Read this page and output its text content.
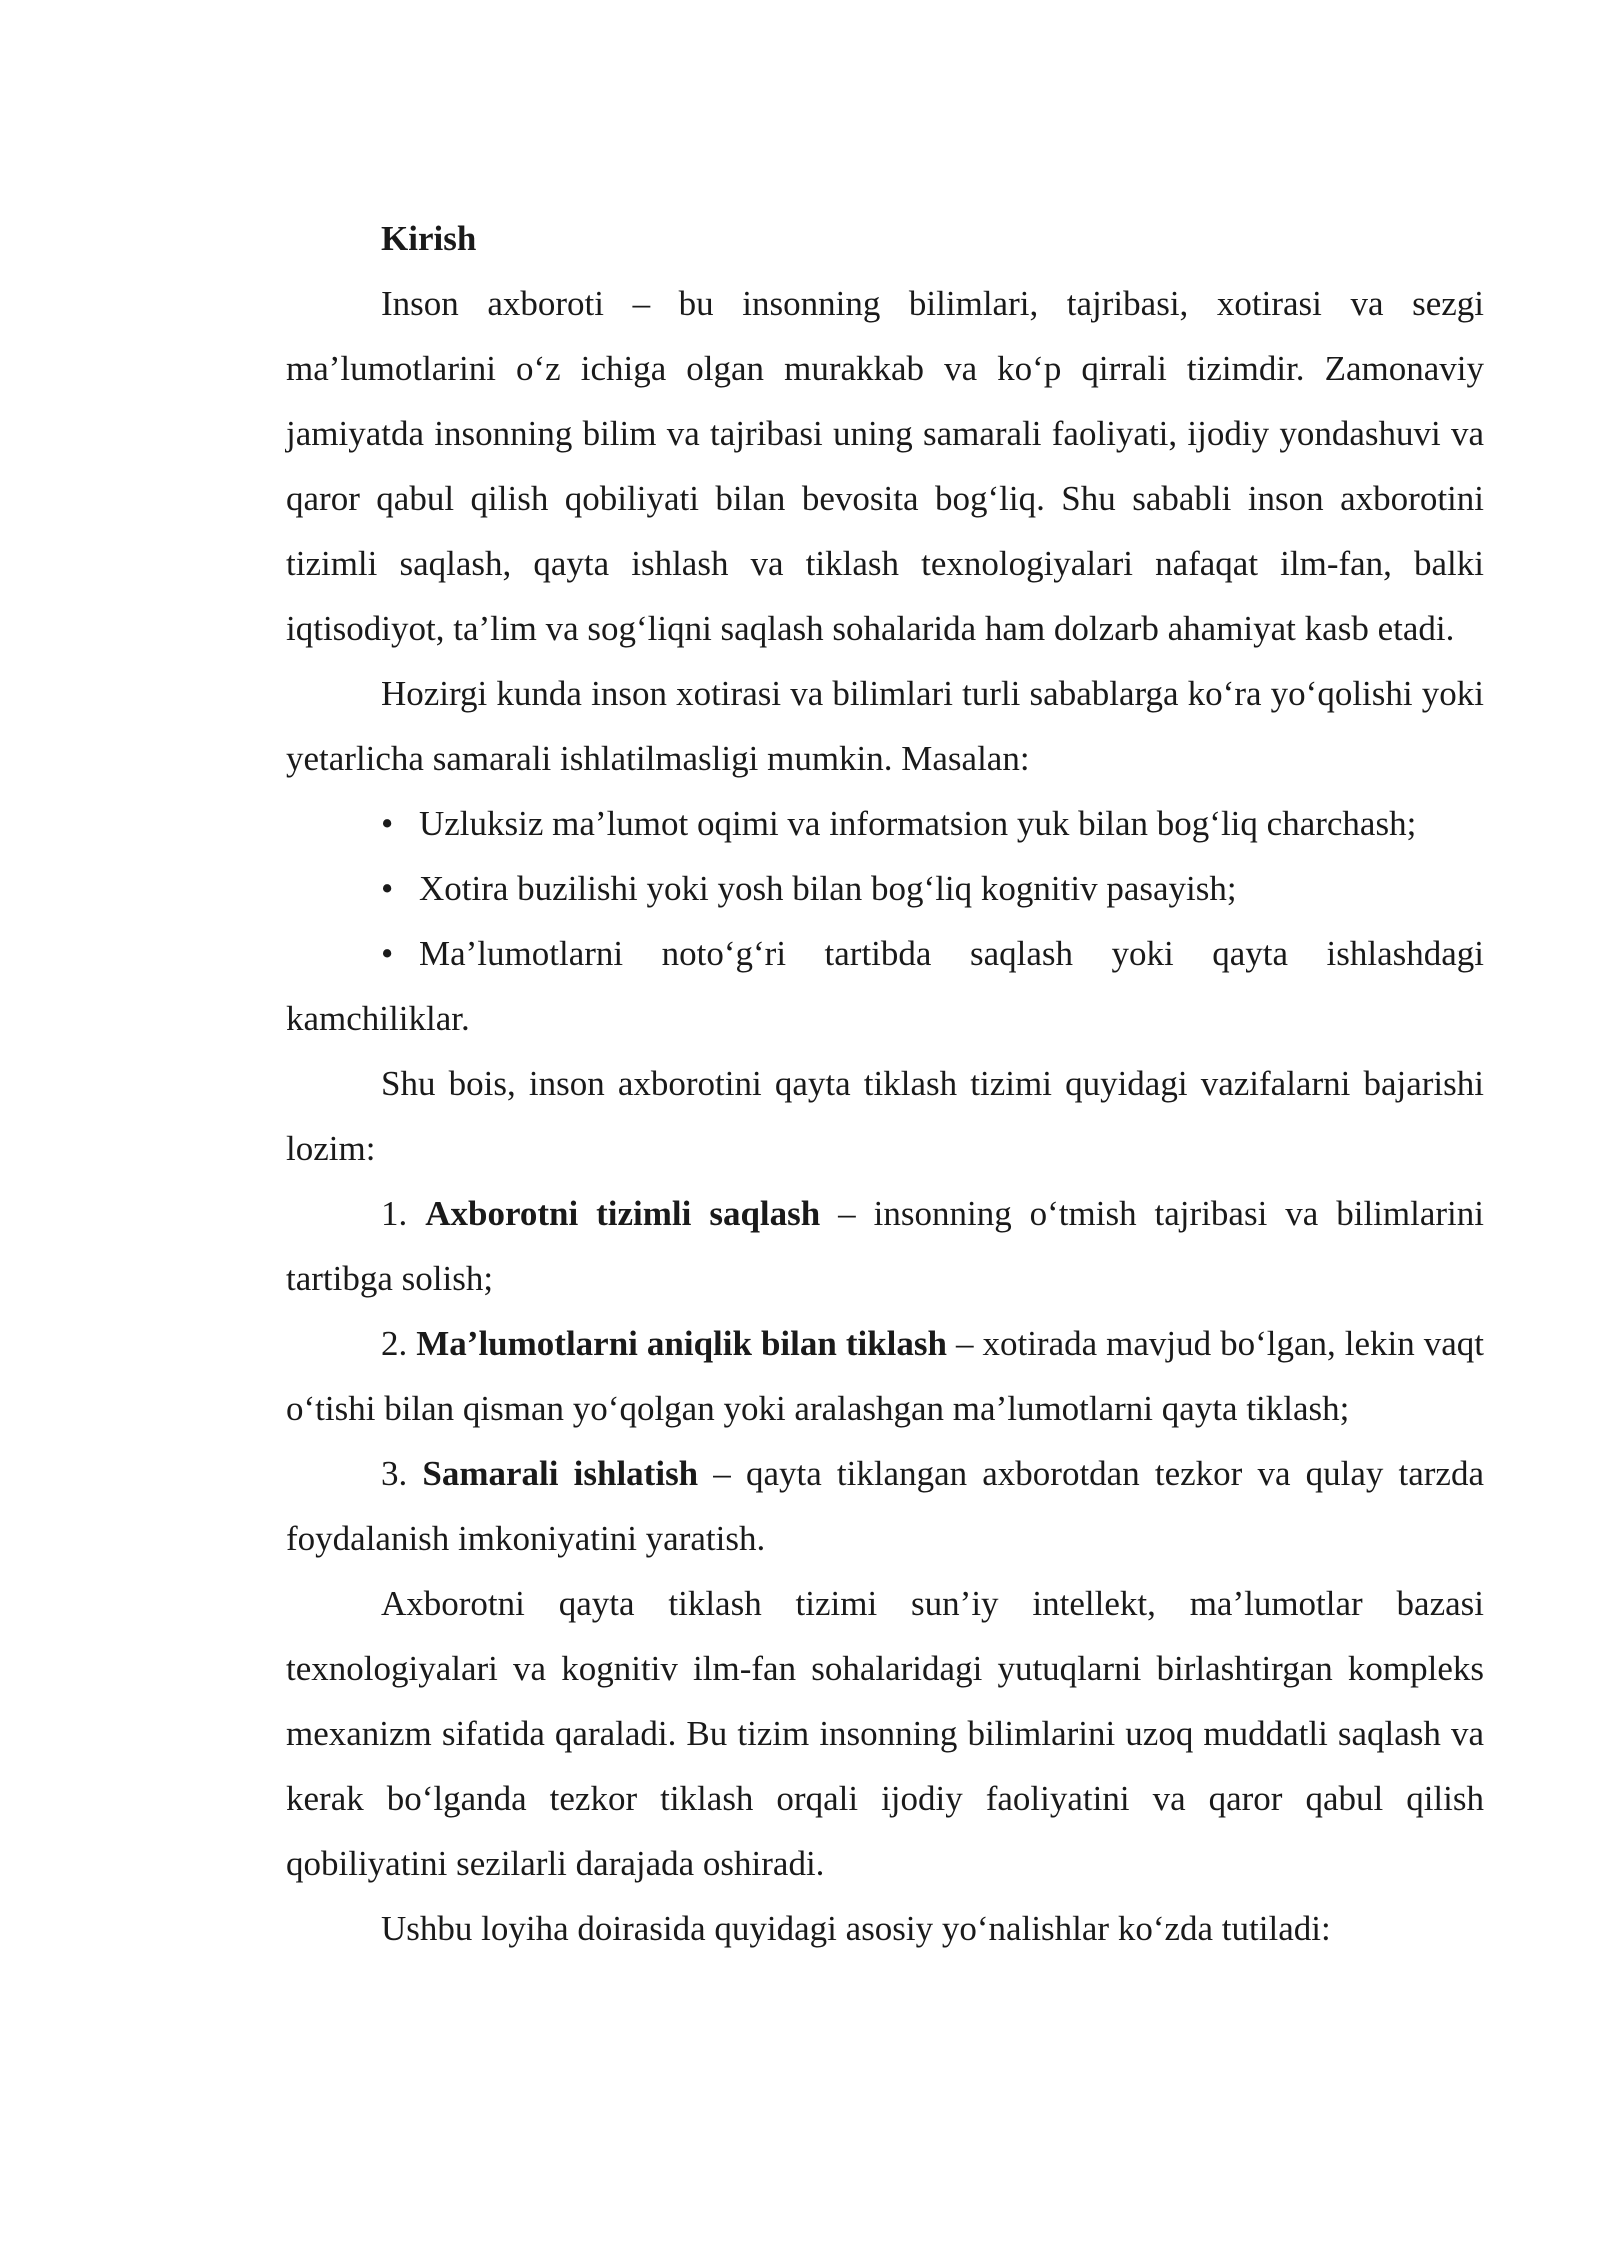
Kirish

Inson axboroti – bu insonning bilimlari, tajribasi, xotirasi va sezgi ma’lumotlarini o‘z ichiga olgan murakkab va ko‘p qirrali tizimdir. Zamonaviy jamiyatda insonning bilim va tajribasi uning samarali faoliyati, ijodiy yondashuvi va qaror qabul qilish qobiliyati bilan bevosita bog‘liq. Shu sababli inson axborotini tizimli saqlash, qayta ishlash va tiklash texnologiyalari nafaqat ilm-fan, balki iqtisodiyot, ta’lim va sog‘liqni saqlash sohalarida ham dolzarb ahamiyat kasb etadi.

Hozirgi kunda inson xotirasi va bilimlari turli sabablarga ko‘ra yo‘qolishi yoki yetarlicha samarali ishlatilmasligi mumkin. Masalan:

• Uzluksiz ma’lumot oqimi va informatsion yuk bilan bog‘liq charchash;
• Xotira buzilishi yoki yosh bilan bog‘liq kognitiv pasayish;
• Ma’lumotlarni noto‘g‘ri tartibda saqlash yoki qayta ishlashdagi kamchiliklar.

Shu bois, inson axborotini qayta tiklash tizimi quyidagi vazifalarni bajarishi lozim:

1. Axborotni tizimli saqlash – insonning o‘tmish tajribasi va bilimlarini tartibga solish;

2. Ma’lumotlarni aniqlik bilan tiklash – xotirada mavjud bo‘lgan, lekin vaqt o‘tishi bilan qisman yo‘qolgan yoki aralashgan ma’lumotlarni qayta tiklash;

3. Samarali ishlatish – qayta tiklangan axborotdan tezkor va qulay tarzda foydalanish imkoniyatini yaratish.

Axborotni qayta tiklash tizimi sun’iy intellekt, ma’lumotlar bazasi texnologiyalari va kognitiv ilm-fan sohalaridagi yutuqlarni birlashtirgan kompleks mexanizm sifatida qaraladi. Bu tizim insonning bilimlarini uzoq muddatli saqlash va kerak bo‘lganda tezkor tiklash orqali ijodiy faoliyatini va qaror qabul qilish qobiliyatini sezilarli darajada oshiradi.

Ushbu loyiha doirasida quyidagi asosiy yo‘nalishlar ko‘zda tutiladi:
